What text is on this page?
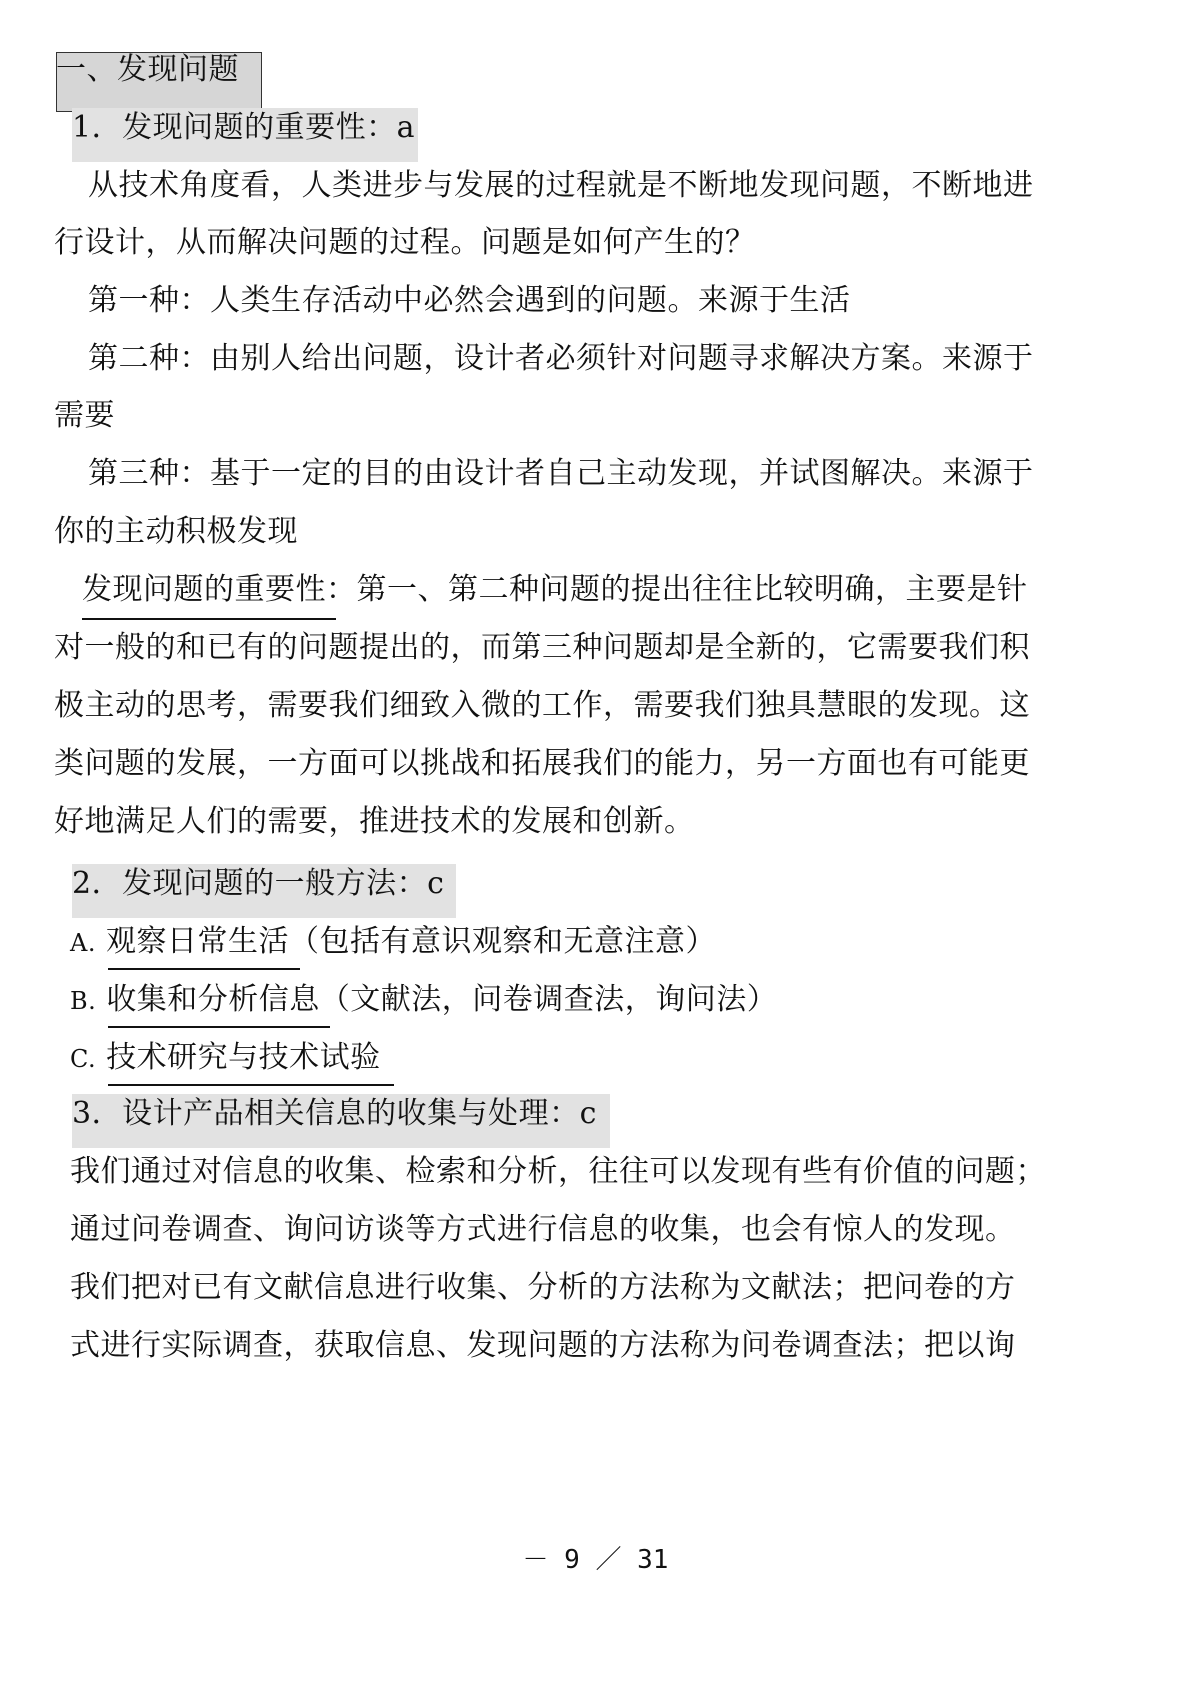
一、发现问题
1．发现问题的重要性：a
从技术角度看，人类进步与发展的过程就是不断地发现问题，不断地进
行设计，从而解决问题的过程。问题是如何产生的？
第一种：人类生存活动中必然会遇到的问题。来源于生活
第二种：由别人给出问题，设计者必须针对问题寻求解决方案。来源于
需要
第三种：基于一定的目的由设计者自己主动发现，并试图解决。来源于
你的主动积极发现
发现问题的重要性：第一、第二种问题的提出往往比较明确，主要是针
对一般的和已有的问题提出的，而第三种问题却是全新的，它需要我们积
极主动的思考，需要我们细致入微的工作，需要我们独具慧眼的发现。这
类问题的发展，一方面可以挑战和拓展我们的能力，另一方面也有可能更
好地满足人们的需要，推进技术的发展和创新。
2．发现问题的一般方法：c
A. 观察日常生活（包括有意识观察和无意注意）
B. 收集和分析信息（文献法，问卷调查法，询问法）
C. 技术研究与技术试验
3．设计产品相关信息的收集与处理：c
我们通过对信息的收集、检索和分析，往往可以发现有些有价值的问题；
通过问卷调查、询问访谈等方式进行信息的收集，也会有惊人的发现。
我们把对已有文献信息进行收集、分析的方法称为文献法；把问卷的方
式进行实际调查，获取信息、发现问题的方法称为问卷调查法；把以询
－ 9 ／ 31
